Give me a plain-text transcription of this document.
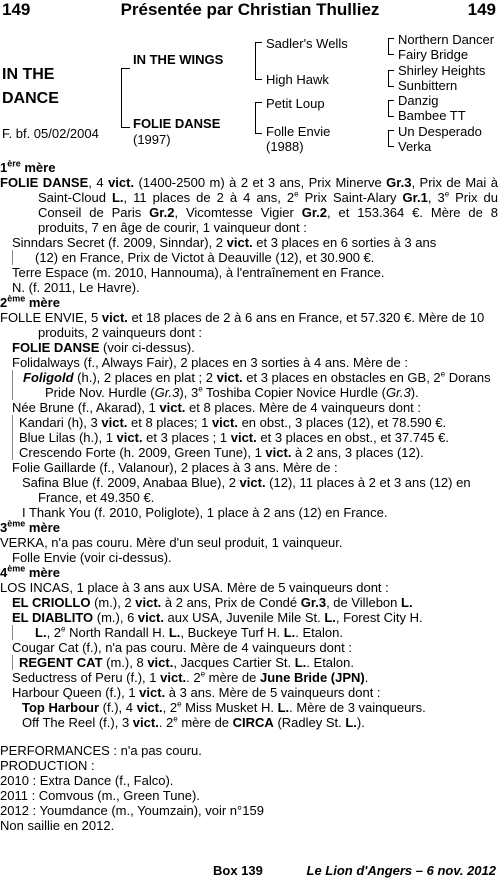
149	Présentée par Christian Thulliez	149
IN THE
DANCE
F. bf. 05/02/2004
IN THE WINGS
FOLIE DANSE
(1997)
Sadler's Wells
High Hawk
Petit Loup
Folle Envie
(1988)
Northern Dancer
Fairy Bridge
Shirley Heights
Sunbittern
Danzig
Bambee TT
Un Desperado
Verka

1ère mère

FOLIE DANSE, 4 vict. (1400-2500 m) à 2 et 3 ans, Prix Minerve Gr.3, Prix de Mai à Saint-Cloud L., 11 places de 2 à 4 ans, 2e Prix Saint-Alary Gr.1, 3e Prix du Conseil de Paris Gr.2, Vicomtesse Vigier Gr.2, et 153.364 €. Mère de 8 produits, 7 en âge de courir, 1 vainqueur dont :

Sinndars Secret (f. 2009, Sinndar), 2 vict. et 3 places en 6 sorties à 3 ans

(12) en France, Prix de Victot à Deauville (12), et 30.900 €.

Terre Espace (m. 2010, Hannouma), à l'entraînement en France.

N. (f. 2011, Le Havre).

2ème mère

FOLLE ENVIE, 5 vict. et 18 places de 2 à 6 ans en France, et 57.320 €. Mère de 10 produits, 2 vainqueurs dont :

FOLIE DANSE (voir ci-dessus).

Folidalways (f., Always Fair), 2 places en 3 sorties à 4 ans. Mère de :

Foligold (h.), 2 places en plat ; 2 vict. et 3 places en obstacles en GB, 2e Dorans Pride Nov. Hurdle (Gr.3), 3e Toshiba Copier Novice Hurdle (Gr.3).

Née Brune (f., Akarad), 1 vict. et 8 places. Mère de 4 vainqueurs dont :

Kandari (h), 3 vict. et 8 places; 1 vict. en obst., 3 places (12), et 78.590 €.

Blue Lilas (h.), 1 vict. et 3 places ; 1 vict. et 3 places en obst., et 37.745 €.

Crescendo Forte (h. 2009, Green Tune), 1 vict. à 2 ans, 3 places (12).

Folie Gaillarde (f., Valanour), 2 places à 3 ans. Mère de :

Safina Blue (f. 2009, Anabaa Blue), 2 vict. (12), 11 places à 2 et 3 ans (12) en France, et 49.350 €.

I Thank You (f. 2010, Poliglote), 1 place à 2 ans (12) en France.

3ème mère

VERKA, n'a pas couru. Mère d'un seul produit, 1 vainqueur.

Folle Envie (voir ci-dessus).

4ème mère

LOS INCAS, 1 place à 3 ans aux USA. Mère de 5 vainqueurs dont :

EL CRIOLLO (m.), 2 vict. à 2 ans, Prix de Condé Gr.3, de Villebon L.

EL DIABLITO (m.), 6 vict. aux USA, Juvenile Mile St. L., Forest City H.

L., 2e North Randall H. L., Buckeye Turf H. L.. Etalon.

Cougar Cat (f.), n'a pas couru. Mère de 4 vainqueurs dont :

REGENT CAT (m.), 8 vict., Jacques Cartier St. L.. Etalon.

Seductress of Peru (f.), 1 vict.. 2e mère de June Bride (JPN).

Harbour Queen (f.), 1 vict. à 3 ans. Mère de 5 vainqueurs dont :

Top Harbour (f.), 4 vict., 2e Miss Musket H. L.. Mère de 3 vainqueurs.

Off The Reel (f.), 3 vict.. 2e mère de CIRCA (Radley St. L.).

PERFORMANCES : n'a pas couru.

PRODUCTION :

2010 : Extra Dance (f., Falco).

2011 : Comvous (m., Green Tune).

2012 : Youmdance (m., Youmzain), voir n°159

Non saillie en 2012.

Box 139	Le Lion d'Angers – 6 nov. 2012
